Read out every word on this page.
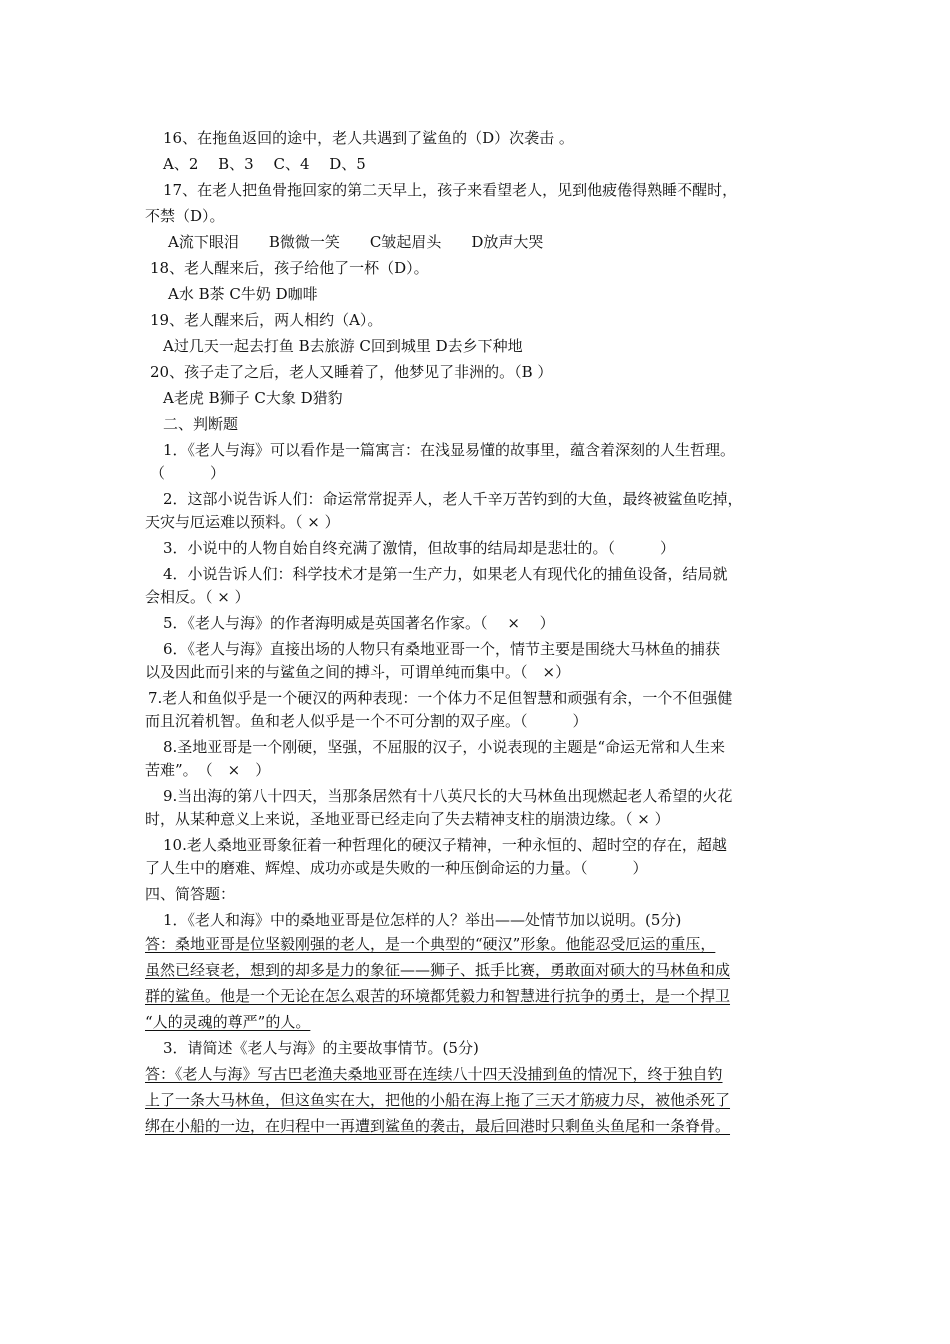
16、在拖鱼返回的途中，老人共遇到了鲨鱼的（D）次袭击 。
A、2　 B、3　 C、4　 D、5
17、在老人把鱼骨拖回家的第二天早上，孩子来看望老人，见到他疲倦得熟睡不醒时，
不禁（D）。
A流下眼泪　　B微微一笑　　C皱起眉头　　D放声大哭
18、老人醒来后，孩子给他了一杯（D）。
A水 B茶 C牛奶 D咖啡
19、老人醒来后，两人相约（A）。
A过几天一起去打鱼 B去旅游 C回到城里 D去乡下种地
20、孩子走了之后，老人又睡着了，他梦见了非洲的。（B ）
A老虎 B狮子 C大象 D猎豹
二、判断题
1．《老人与海》可以看作是一篇寓言：在浅显易懂的故事里，蕴含着深刻的人生哲理。
（　　　）
2．这部小说告诉人们：命运常常捉弄人，老人千辛万苦钓到的大鱼，最终被鲨鱼吃掉，
天灾与厄运难以预料。（ × ）
3．小说中的人物自始自终充满了激情，但故事的结局却是悲壮的。（　　　）
4．小说告诉人们：科学技术才是第一生产力，如果老人有现代化的捕鱼设备，结局就
会相反。（ × ）
5．《老人与海》的作者海明威是英国著名作家。（　 ×　 ）
6．《老人与海》直接出场的人物只有桑地亚哥一个，情节主要是围绕大马林鱼的捕获
以及因此而引来的与鲨鱼之间的搏斗，可谓单纯而集中。（　×）
7.老人和鱼似乎是一个硬汉的两种表现：一个体力不足但智慧和顽强有余，一个不但强健
而且沉着机智。鱼和老人似乎是一个不可分割的双子座。（　　　）
8.圣地亚哥是一个刚硬，坚强，不屈服的汉子，小说表现的主题是“命运无常和人生来
苦难”。　（　×　）
9.当出海的第八十四天，当那条居然有十八英尺长的大马林鱼出现燃起老人希望的火花
时，从某种意义上来说，圣地亚哥已经走向了失去精神支柱的崩溃边缘。（ × ）
10.老人桑地亚哥象征着一种哲理化的硬汉子精神，一种永恒的、超时空的存在，超越
了人生中的磨难、辉煌、成功亦或是失败的一种压倒命运的力量。（　　　）
四、简答题：
1．《老人和海》中的桑地亚哥是位怎样的人？举出——处情节加以说明。(5分)
答：桑地亚哥是位坚毅刚强的老人，是一个典型的“硬汉”形象。他能忍受厄运的重压，
虽然已经衰老，想到的却多是力的象征——狮子、抵手比赛，勇敢面对硕大的马林鱼和成
群的鲨鱼。他是一个无论在怎么艰苦的环境都凭毅力和智慧进行抗争的勇士，是一个捍卫
“人的灵魂的尊严”的人。
3．请简述《老人与海》的主要故事情节。(5分)
答：《老人与海》写古巴老渔夫桑地亚哥在连续八十四天没捕到鱼的情况下，终于独自钓
上了一条大马林鱼，但这鱼实在大，把他的小船在海上拖了三天才筋疲力尽，被他杀死了
绑在小船的一边，在归程中一再遭到鲨鱼的袭击，最后回港时只剩鱼头鱼尾和一条脊骨。
